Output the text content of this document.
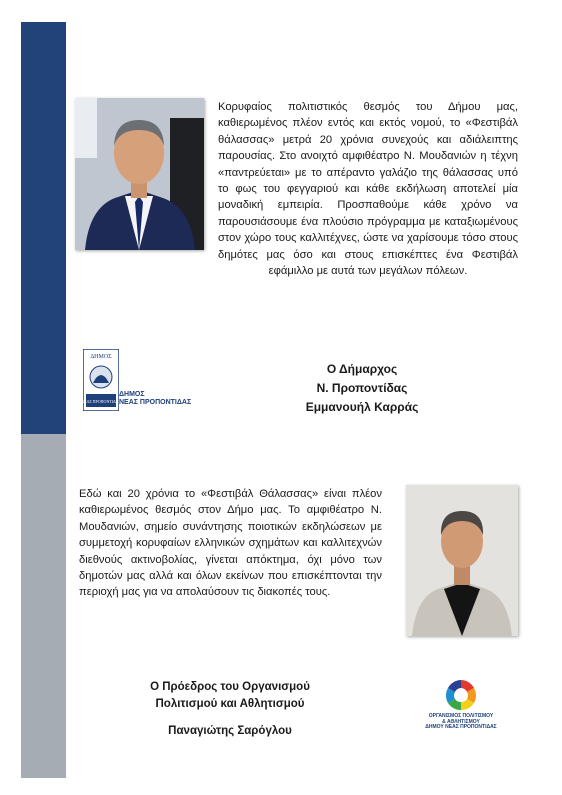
Κορυφαίος πολιτιστικός θεσμός του Δήμου μας, καθιερωμένος πλέον εντός και εκτός νομού, το «Φεστιβάλ θάλασσας» μετρά 20 χρόνια συνεχούς και αδιάλειπτης παρουσίας. Στο ανοιχτό αμφιθέατρο Ν. Μουδανιών η τέχνη «παντρεύεται» με το απέραντο γαλάζιο της θάλασσας υπό το φως του φεγγαριού και κάθε εκδήλωση αποτελεί μία μοναδική εμπειρία. Προσπαθούμε κάθε χρόνο να παρουσιάσουμε ένα πλούσιο πρόγραμμα με καταξιωμένους στον χώρο τους καλλιτέχνες, ώστε να χαρίσουμε τόσο στους δημότες μας όσο και στους επισκέπτες ένα Φεστιβάλ εφάμιλλο με αυτά των μεγάλων πόλεων.

ΔΗΜΟΣ
ΝΕΑΣ ΠΡΟΠΟΝΤΙΔΑΣ
ΔΗΜΟΣ
ΝΕΑΣ ΠΡΟΠΟΝΤΙΔΑΣ
Ο Δήμαρχος
Ν. Προποντίδας
Εμμανουήλ Καρράς

Εδώ και 20 χρόνια το «Φεστιβάλ Θάλασσας» είναι πλέον καθιερωμένος θεσμός στον Δήμο μας. Το αμφιθέατρο Ν. Μουδανιών, σημείο συνάντησης ποιοτικών εκδηλώσεων με συμμετοχή κορυφαίων ελληνικών σχημάτων και καλλιτεχνών διεθνούς ακτινοβολίας, γίνεται απόκτημα, όχι μόνο των δημοτών μας αλλά και όλων εκείνων που επισκέπτονται την περιοχή μας για να απολαύσουν τις διακοπές τους.

Ο Πρόεδρος του Οργανισμού
Πολιτισμού και Αθλητισμού
Παναγιώτης Σαρόγλου
ΟΡΓΑΝΙΣΜΟΣ ΠΟΛΙΤΙΣΜΟΥ
& ΑΘΛΗΤΙΣΜΟΥ
ΔΗΜΟΥ ΝΕΑΣ ΠΡΟΠΟΝΤΙΔΑΣ
